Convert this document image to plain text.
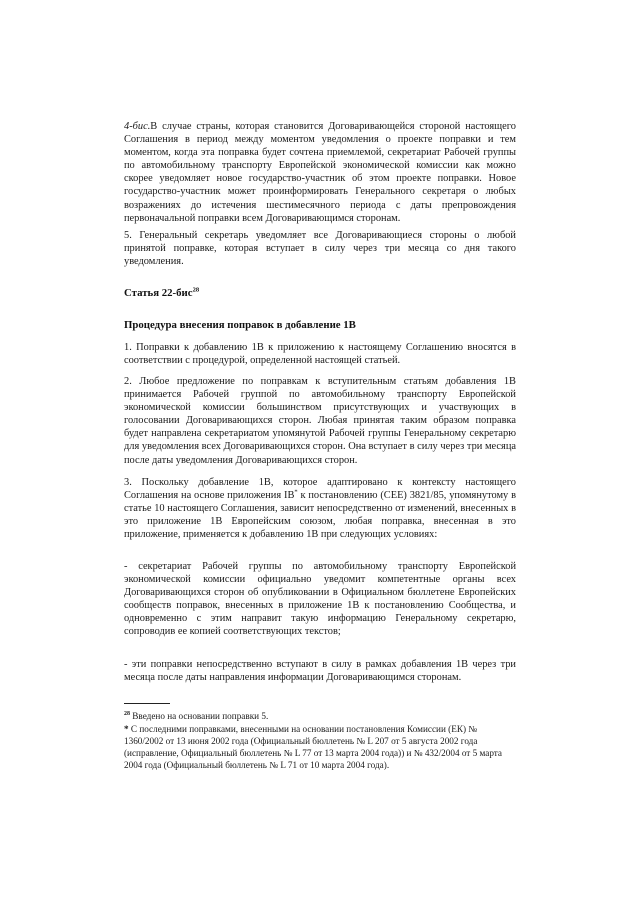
4-бис.В случае страны, которая становится Договаривающейся стороной настоящего Соглашения в период между моментом уведомления о проекте поправки и тем моментом, когда эта поправка будет сочтена приемлемой, секретариат Рабочей группы по автомобильному транспорту Европейской экономической комиссии как можно скорее уведомляет новое государство-участник об этом проекте поправки. Новое государство-участник может проинформировать Генерального секретаря о любых возражениях до истечения шестимесячного периода с даты препровождения первоначальной поправки всем Договаривающимся сторонам.

5. Генеральный секретарь уведомляет все Договаривающиеся стороны о любой принятой поправке, которая вступает в силу через три месяца со дня такого уведомления.

Статья 22-бис$^{28}$

Процедура внесения поправок в добавление 1В

1. Поправки к добавлению 1В к приложению к настоящему Соглашению вносятся в соответствии с процедурой, определенной настоящей статьей.

2. Любое предложение по поправкам к вступительным статьям добавления 1В принимается Рабочей группой по автомобильному транспорту Европейской экономической комиссии большинством присутствующих и участвующих в голосовании Договаривающихся сторон. Любая принятая таким образом поправка будет направлена секретариатом упомянутой Рабочей группы Генеральному секретарю для уведомления всех Договаривающихся сторон. Она вступает в силу через три месяца после даты уведомления Договаривающихся сторон.

3. Поскольку добавление 1В, которое адаптировано к контексту настоящего Соглашения на основе приложения IB* к постановлению (СЕЕ) 3821/85, упомянутому в статье 10 настоящего Соглашения, зависит непосредственно от изменений, внесенных в это приложение 1В Европейским союзом, любая поправка, внесенная в это приложение, применяется к добавлению 1В при следующих условиях:

- секретариат Рабочей группы по автомобильному транспорту Европейской экономической комиссии официально уведомит компетентные органы всех Договаривающихся сторон об опубликовании в Официальном бюллетене Европейских сообществ поправок, внесенных в приложение 1В к постановлению Сообщества, и одновременно с этим направит такую информацию Генеральному секретарю, сопроводив ее копией соответствующих текстов;

- эти поправки непосредственно вступают в силу в рамках добавления 1В через три месяца после даты направления информации Договаривающимся сторонам.

$^{28}$ Введено на основании поправки 5.

* С последними поправками, внесенными на основании постановления Комиссии (ЕК) № 1360/2002 от 13 июня 2002 года (Официальный бюллетень № L 207 от 5 августа 2002 года (исправление, Официальный бюллетень № L 77 от 13 марта 2004 года)) и № 432/2004 от 5 марта 2004 года (Официальный бюллетень № L 71 от 10 марта 2004 года).
